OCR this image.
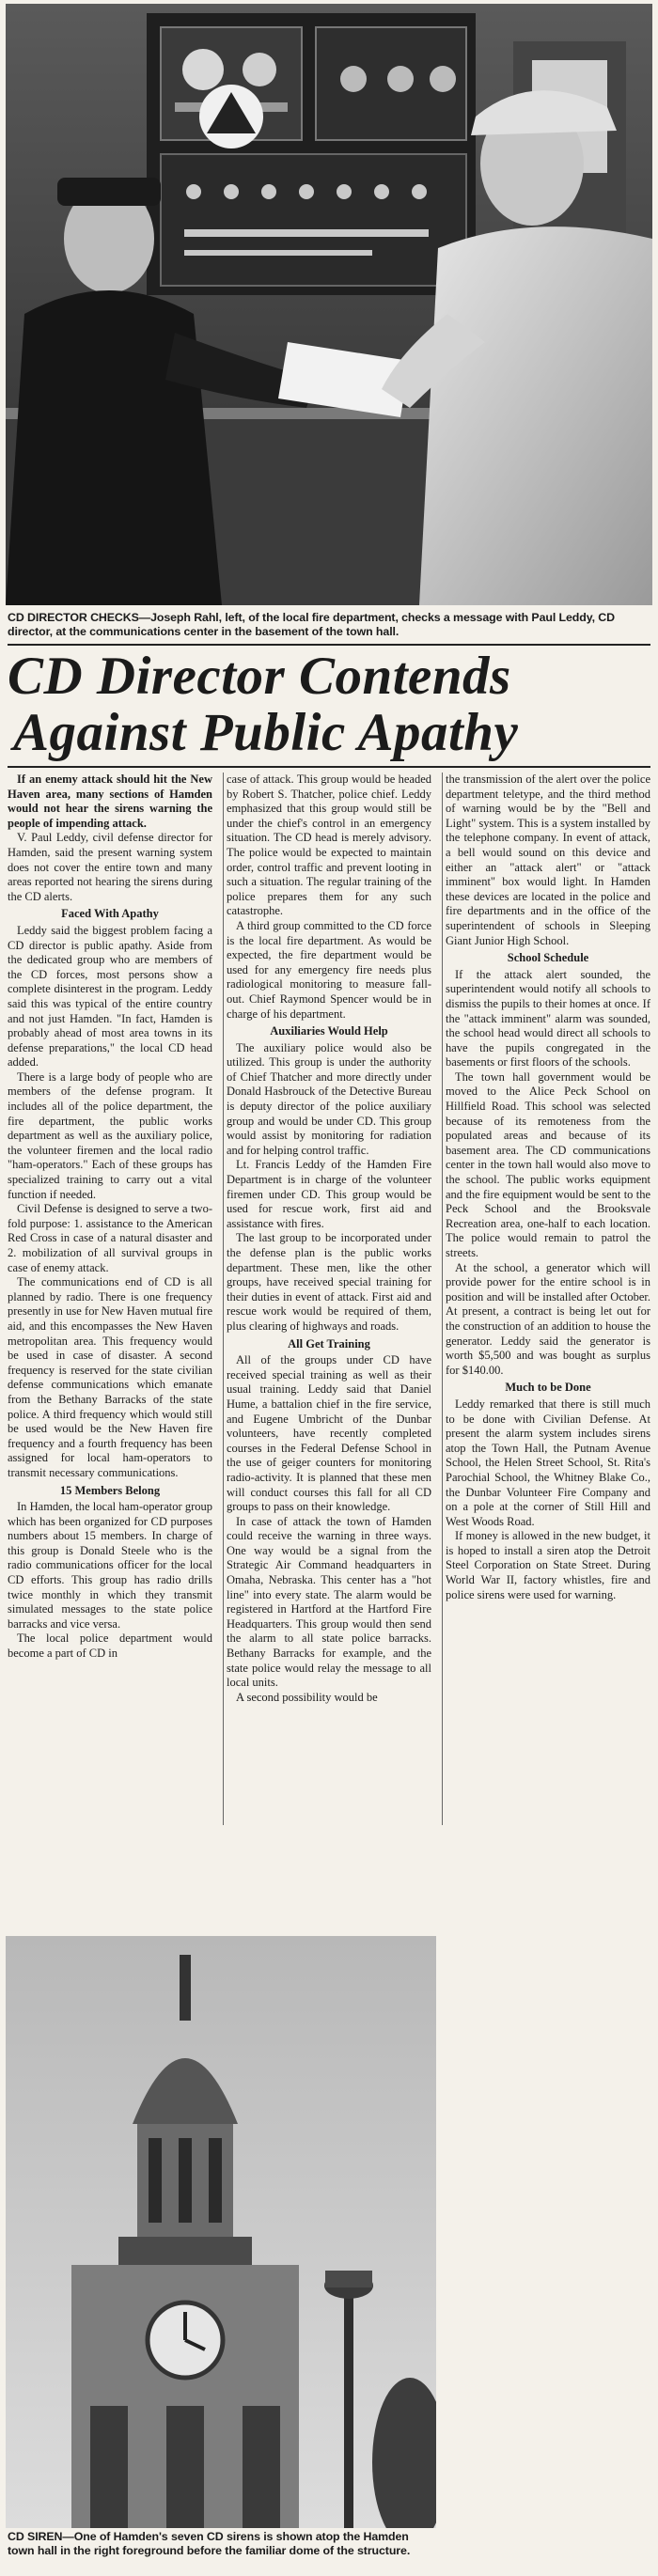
CD DIRECTOR CHECKS—Joseph Rahl, left, of the local fire department, checks a message with Paul Leddy, CD director, at the communications center in the basement of the town hall.
CD Director Contends
Against Public Apathy

If an enemy attack should hit the New Haven area, many sections of Hamden would not hear the sirens warning the people of impending attack.

V. Paul Leddy, civil defense director for Hamden, said the present warning system does not cover the entire town and many areas reported not hearing the sirens during the CD alerts.

Faced With Apathy

Leddy said the biggest problem facing a CD director is public apathy. Aside from the dedicated group who are members of the CD forces, most persons show a complete disinterest in the program. Leddy said this was typical of the entire country and not just Hamden. "In fact, Hamden is probably ahead of most area towns in its defense preparations," the local CD head added.

There is a large body of people who are members of the defense program. It includes all of the police department, the fire department, the public works department as well as the auxiliary police, the volunteer firemen and the local radio "ham-operators." Each of these groups has specialized training to carry out a vital function if needed.

Civil Defense is designed to serve a two-fold purpose: 1. assistance to the American Red Cross in case of a natural disaster and 2. mobilization of all survival groups in case of enemy attack.

The communications end of CD is all planned by radio. There is one frequency presently in use for New Haven mutual fire aid, and this encompasses the New Haven metropolitan area. This frequency would be used in case of disaster. A second frequency is reserved for the state civilian defense communications which emanate from the Bethany Barracks of the state police. A third frequency which would still be used would be the New Haven fire frequency and a fourth frequency has been assigned for local ham-operators to transmit necessary communications.

15 Members Belong

In Hamden, the local ham-operator group which has been organized for CD purposes numbers about 15 members. In charge of this group is Donald Steele who is the radio communications officer for the local CD efforts. This group has radio drills twice monthly in which they transmit simulated messages to the state police barracks and vice versa.

The local police department would become a part of CD in

case of attack. This group would be headed by Robert S. Thatcher, police chief. Leddy emphasized that this group would still be under the chief's control in an emergency situation. The CD head is merely advisory. The police would be expected to maintain order, control traffic and prevent looting in such a situation. The regular training of the police prepares them for any such catastrophe.

A third group committed to the CD force is the local fire department. As would be expected, the fire department would be used for any emergency fire needs plus radiological monitoring to measure fall-out. Chief Raymond Spencer would be in charge of his department.

Auxiliaries Would Help

The auxiliary police would also be utilized. This group is under the authority of Chief Thatcher and more directly under Donald Hasbrouck of the Detective Bureau is deputy director of the police auxiliary group and would be under CD. This group would assist by monitoring for radiation and for helping control traffic.

Lt. Francis Leddy of the Hamden Fire Department is in charge of the volunteer firemen under CD. This group would be used for rescue work, first aid and assistance with fires.

The last group to be incorporated under the defense plan is the public works department. These men, like the other groups, have received special training for their duties in event of attack. First aid and rescue work would be required of them, plus clearing of highways and roads.

All Get Training

All of the groups under CD have received special training as well as their usual training. Leddy said that Daniel Hume, a battalion chief in the fire service, and Eugene Umbricht of the Dunbar volunteers, have recently completed courses in the Federal Defense School in the use of geiger counters for monitoring radio-activity. It is planned that these men will conduct courses this fall for all CD groups to pass on their knowledge.

In case of attack the town of Hamden could receive the warning in three ways. One way would be a signal from the Strategic Air Command headquarters in Omaha, Nebraska. This center has a "hot line" into every state. The alarm would be registered in Hartford at the Hartford Fire Headquarters. This group would then send the alarm to all state police barracks. Bethany Barracks for example, and the state police would relay the message to all local units.

A second possibility would be

the transmission of the alert over the police department teletype, and the third method of warning would be by the "Bell and Light" system. This is a system installed by the telephone company. In event of attack, a bell would sound on this device and either an "attack alert" or "attack imminent" box would light. In Hamden these devices are located in the police and fire departments and in the office of the superintendent of schools in Sleeping Giant Junior High School.

School Schedule

If the attack alert sounded, the superintendent would notify all schools to dismiss the pupils to their homes at once. If the "attack imminent" alarm was sounded, the school head would direct all schools to have the pupils congregated in the basements or first floors of the schools.

The town hall government would be moved to the Alice Peck School on Hillfield Road. This school was selected because of its remoteness from the populated areas and because of its basement area. The CD communications center in the town hall would also move to the school. The public works equipment and the fire equipment would be sent to the Peck School and the Brooksvale Recreation area, one-half to each location. The police would remain to patrol the streets.

At the school, a generator which will provide power for the entire school is in position and will be installed after October. At present, a contract is being let out for the construction of an addition to house the generator. Leddy said the generator is worth $5,500 and was bought as surplus for $140.00.

Much to be Done

Leddy remarked that there is still much to be done with Civilian Defense. At present the alarm system includes sirens atop the Town Hall, the Putnam Avenue School, the Helen Street School, St. Rita's Parochial School, the Whitney Blake Co., the Dunbar Volunteer Fire Company and on a pole at the corner of Still Hill and West Woods Road.

If money is allowed in the new budget, it is hoped to install a siren atop the Detroit Steel Corporation on State Street. During World War II, factory whistles, fire and police sirens were used for warning.

CD SIREN—One of Hamden's seven CD sirens is shown atop the Hamden town hall in the right foreground before the familiar dome of the structure.
